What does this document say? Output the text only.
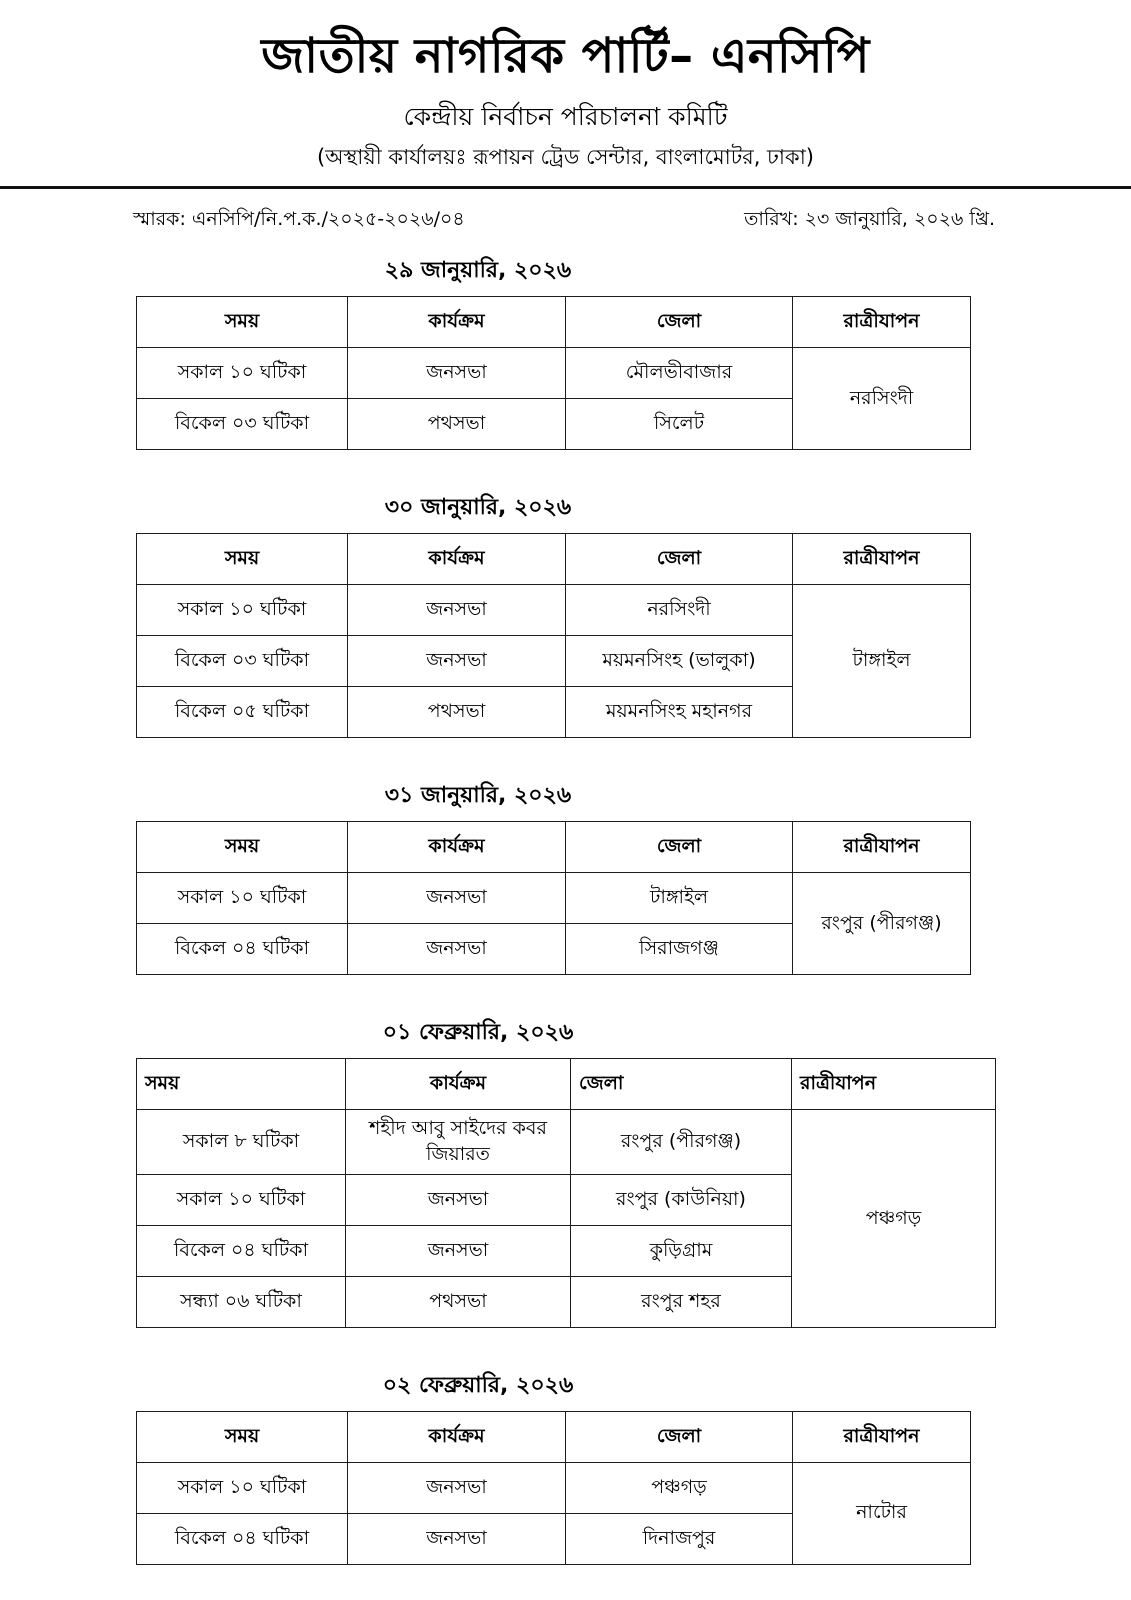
জাতীয় নাগরিক পার্টি– এনসিপি
কেন্দ্রীয় নির্বাচন পরিচালনা কমিটি
(অস্থায়ী কার্যালয়ঃ রূপায়ন ট্রেড সেন্টার, বাংলামোটর, ঢাকা)
স্মারক: এনসিপি/নি.প.ক./২০২৫-২০২৬/০৪	তারিখ: ২৩ জানুয়ারি, ২০২৬ খ্রি.
২৯ জানুয়ারি, ২০২৬
সময়	কার্যক্রম	জেলা	রাত্রীযাপন
সকাল ১০ ঘটিকা	জনসভা	মৌলভীবাজার	নরসিংদী
বিকেল ০৩ ঘটিকা	পথসভা	সিলেট	
৩০ জানুয়ারি, ২০২৬
সময়	কার্যক্রম	জেলা	রাত্রীযাপন
সকাল ১০ ঘটিকা	জনসভা	নরসিংদী	টাঙ্গাইল
বিকেল ০৩ ঘটিকা	জনসভা	ময়মনসিংহ (ভালুকা)	
বিকেল ০৫ ঘটিকা	পথসভা	ময়মনসিংহ মহানগর	
৩১ জানুয়ারি, ২০২৬
সময়	কার্যক্রম	জেলা	রাত্রীযাপন
সকাল ১০ ঘটিকা	জনসভা	টাঙ্গাইল	রংপুর (পীরগঞ্জ)
বিকেল ০৪ ঘটিকা	জনসভা	সিরাজগঞ্জ	
০১ ফেব্রুয়ারি, ২০২৬
সময়	কার্যক্রম	জেলা	রাত্রীযাপন
সকাল ৮ ঘটিকা	শহীদ আবু সাইদের কবর জিয়ারত	রংপুর (পীরগঞ্জ)	পঞ্চগড়
সকাল ১০ ঘটিকা	জনসভা	রংপুর (কাউনিয়া)	
বিকেল ০৪ ঘটিকা	জনসভা	কুড়িগ্রাম	
সন্ধ্যা ০৬ ঘটিকা	পথসভা	রংপুর শহর	
০২ ফেব্রুয়ারি, ২০২৬
সময়	কার্যক্রম	জেলা	রাত্রীযাপন
সকাল ১০ ঘটিকা	জনসভা	পঞ্চগড়	নাটোর
বিকেল ০৪ ঘটিকা	জনসভা	দিনাজপুর	
